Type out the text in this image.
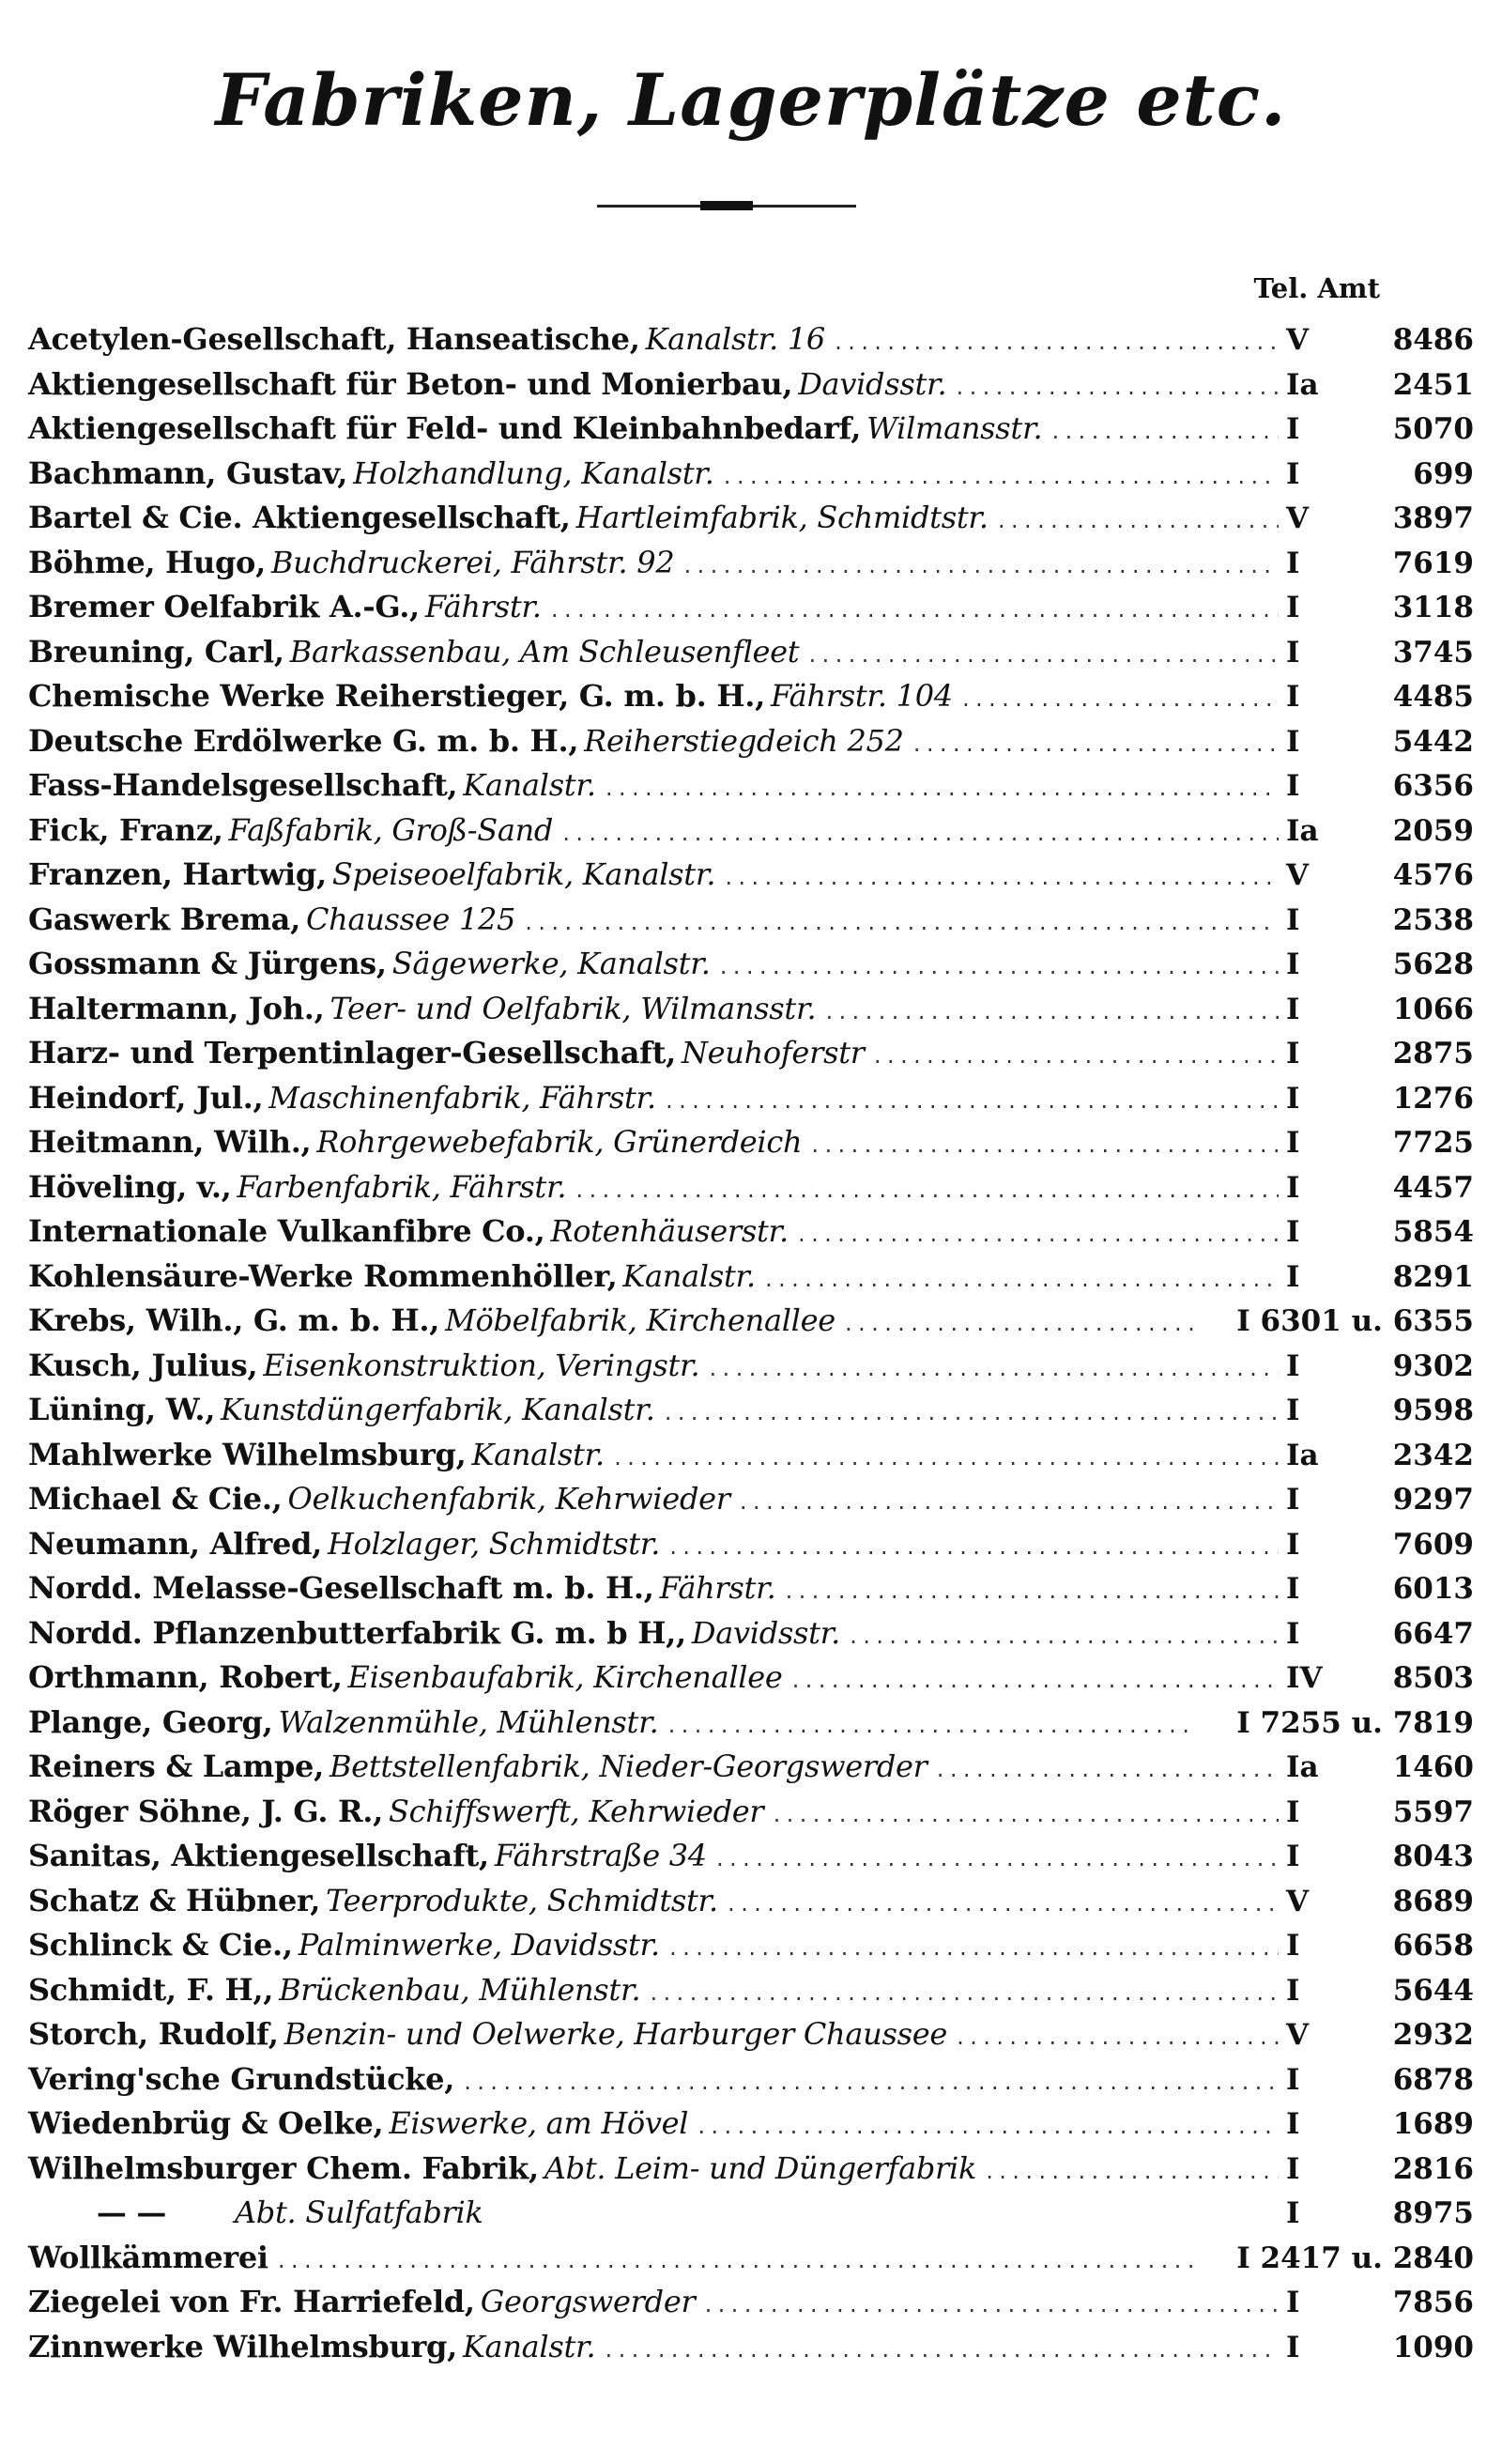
Fabriken, Lagerplätze etc.
Tel. Amt
Acetylen-Gesellschaft, Hanseatische, Kanalstr. 16 .....	V	8486
Aktiengesellschaft für Beton- und Monierbau, Davidsstr. .....	Ia	2451
Aktiengesellschaft für Feld- und Kleinbahnbedarf, Wilmansstr. .....	I	5070
Bachmann, Gustav, Holzhandlung, Kanalstr. .....	I	699
Bartel & Cie. Aktiengesellschaft, Hartleimfabrik, Schmidtstr. .....	V	3897
Böhme, Hugo, Buchdruckerei, Fährstr. 92 .....	I	7619
Bremer Oelfabrik A.-G., Fährstr. .....	I	3118
Breuning, Carl, Barkassenbau, Am Schleusenfleet .....	I	3745
Chemische Werke Reiherstieger, G. m. b. H., Fährstr. 104 .....	I	4485
Deutsche Erdölwerke G. m. b. H., Reiherstiegdeich 252 .....	I	5442
Fass-Handelsgesellschaft, Kanalstr. .....	I	6356
Fick, Franz, Faßfabrik, Groß-Sand .....	Ia	2059
Franzen, Hartwig, Speiseoelfabrik, Kanalstr. .....	V	4576
Gaswerk Brema, Chaussee 125 .....	I	2538
Gossmann & Jürgens, Sägewerke, Kanalstr. .....	I	5628
Haltermann, Joh., Teer- und Oelfabrik, Wilmansstr. .....	I	1066
Harz- und Terpentinlager-Gesellschaft, Neuhoferstr .....	I	2875
Heindorf, Jul., Maschinenfabrik, Fährstr. .....	I	1276
Heitmann, Wilh., Rohrgewebefabrik, Grünerdeich .....	I	7725
Höveling, v., Farbenfabrik, Fährstr. .....	I	4457
Internationale Vulkanfibre Co., Rotenhäuserstr. .....	I	5854
Kohlensäure-Werke Rommenhöller, Kanalstr. .....	I	8291
Krebs, Wilh., G. m. b. H., Möbelfabrik, Kirchenallee .....	I 6301 u. 6355
Kusch, Julius, Eisenkonstruktion, Veringstr. .....	I	9302
Lüning, W., Kunstdüngerfabrik, Kanalstr. .....	I	9598
Mahlwerke Wilhelmsburg, Kanalstr. .....	Ia	2342
Michael & Cie., Oelkuchenfabrik, Kehrwieder .....	I	9297
Neumann, Alfred, Holzlager, Schmidtstr. .....	I	7609
Nordd. Melasse-Gesellschaft m. b. H., Fährstr. .....	I	6013
Nordd. Pflanzenbutterfabrik G. m. b H,, Davidsstr. .....	I	6647
Orthmann, Robert, Eisenbaufabrik, Kirchenallee .....	IV	8503
Plange, Georg, Walzenmühle, Mühlenstr. .....	I 7255 u. 7819
Reiners & Lampe, Bettstellenfabrik, Nieder-Georgswerder .....	Ia	1460
Röger Söhne, J. G. R., Schiffswerft, Kehrwieder .....	I	5597
Sanitas, Aktiengesellschaft, Fährstraße 34 .....	I	8043
Schatz & Hübner, Teerprodukte, Schmidtstr. .....	V	8689
Schlinck & Cie., Palminwerke, Davidsstr. .....	I	6658
Schmidt, F. H,, Brückenbau, Mühlenstr. .....	I	5644
Storch, Rudolf, Benzin- und Oelwerke, Harburger Chaussee .....	V	2932
Vering'sche Grundstücke, .....	I	6878
Wiedenbrüg & Oelke, Eiswerke, am Hövel .....	I	1689
Wilhelmsburger Chem. Fabrik, Abt. Leim- und Düngerfabrik .....	I	2816
— —	Abt. Sulfatfabrik	I	8975
Wollkämmerei .....	I 2417 u. 2840
Ziegelei von Fr. Harriefeld, Georgswerder .....	I	7856
Zinnwerke Wilhelmsburg, Kanalstr. .....	I	1090
